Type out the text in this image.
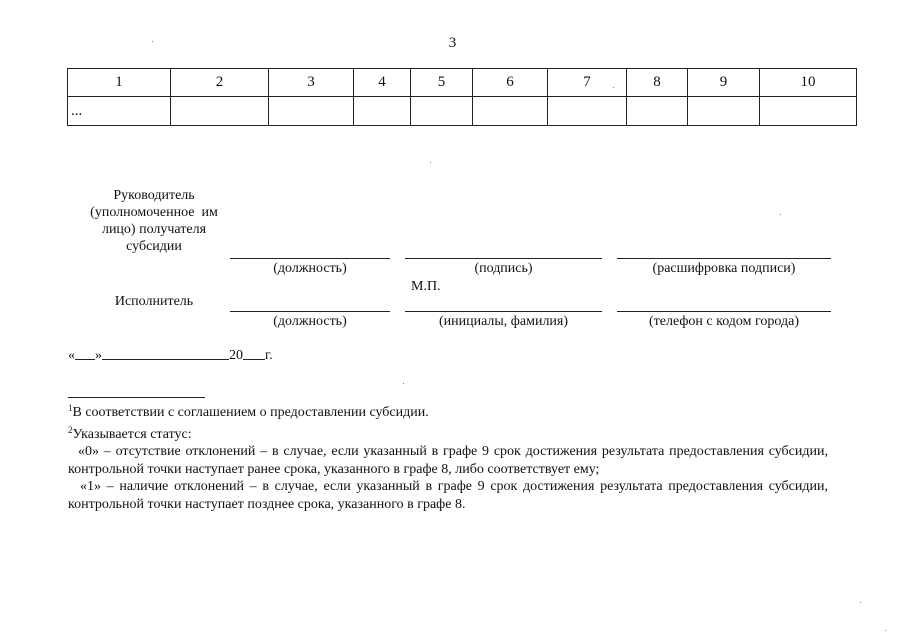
3
1	2	3	4	5	6	7	8	9	10
...									
Руководитель
(уполномоченное  им
лицо) получателя
субсидии
(должность)	(подпись)	(расшифровка подписи)
М.П.
Исполнитель
(должность)	(инициалы, фамилия)	(телефон с кодом города)
« »	20 г.

$^1$В соответствии с соглашением о предоставлении субсидии.

$^2$Указывается статус:

«0» – отсутствие отклонений – в случае, если указанный в графе 9 срок достижения результата предоставления субсидии, контрольной точки наступает ранее срока, указанного в графе 8, либо соответствует ему;

«1» – наличие отклонений – в случае, если указанный в графе 9 срок достижения результата предоставления субсидии, контрольной точки наступает позднее срока, указанного в графе 8.
